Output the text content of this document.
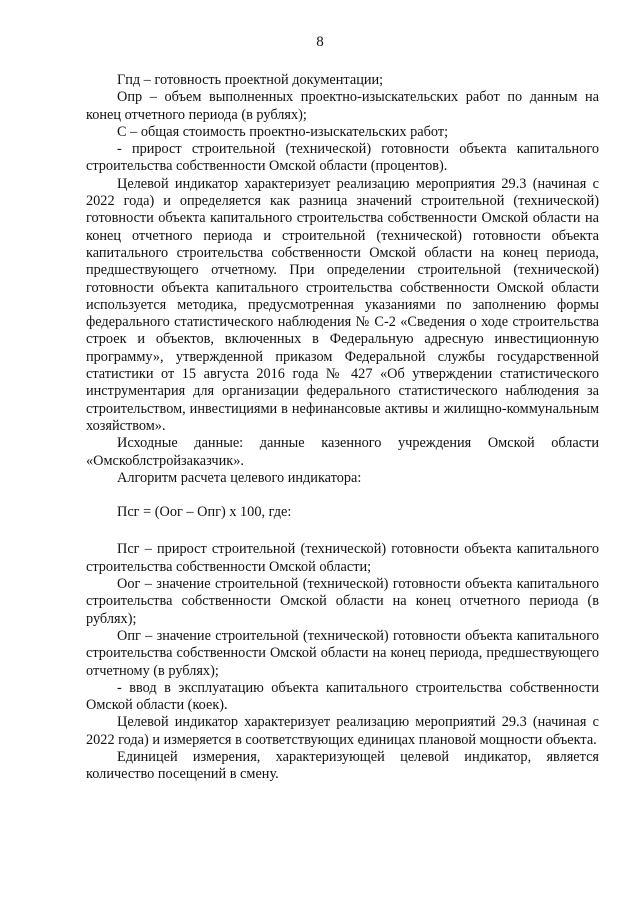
8

Гпд – готовность проектной документации;

Опр – объем выполненных проектно-изыскательских работ по данным на конец отчетного периода (в рублях);

С – общая стоимость проектно-изыскательских работ;

- прирост строительной (технической) готовности объекта капитального строительства собственности Омской области (процентов).

Целевой индикатор характеризует реализацию мероприятия 29.3 (начиная с 2022 года) и определяется как разница значений строительной (технической) готовности объекта капитального строительства собственности Омской области на конец отчетного периода и строительной (технической) готовности объекта капитального строительства собственности Омской области на конец периода, предшествующего отчетному. При определении строительной (технической) готовности объекта капитального строительства собственности Омской области используется методика, предусмотренная указаниями по заполнению формы федерального статистического наблюдения № С-2 «Сведения о ходе строительства строек и объектов, включенных в Федеральную адресную инвестиционную программу», утвержденной приказом Федеральной службы государственной статистики от 15 августа 2016 года № 427 «Об утверждении статистического инструментария для организации федерального статистического наблюдения за строительством, инвестициями в нефинансовые активы и жилищно-коммунальным хозяйством».

Исходные данные: данные казенного учреждения Омской области «Омскоблстройзаказчик».

Алгоритм расчета целевого индикатора:

Псг = (Оог – Опг) х 100, где:

Псг – прирост строительной (технической) готовности объекта капитального строительства собственности Омской области;

Оог – значение строительной (технической) готовности объекта капитального строительства собственности Омской области на конец отчетного периода (в рублях);

Опг – значение строительной (технической) готовности объекта капитального строительства собственности Омской области на конец периода, предшествующего отчетному (в рублях);

- ввод в эксплуатацию объекта капитального строительства собственности Омской области (коек).

Целевой индикатор характеризует реализацию мероприятий 29.3 (начиная с 2022 года) и измеряется в соответствующих единицах плановой мощности объекта.

Единицей измерения, характеризующей целевой индикатор, является количество посещений в смену.
